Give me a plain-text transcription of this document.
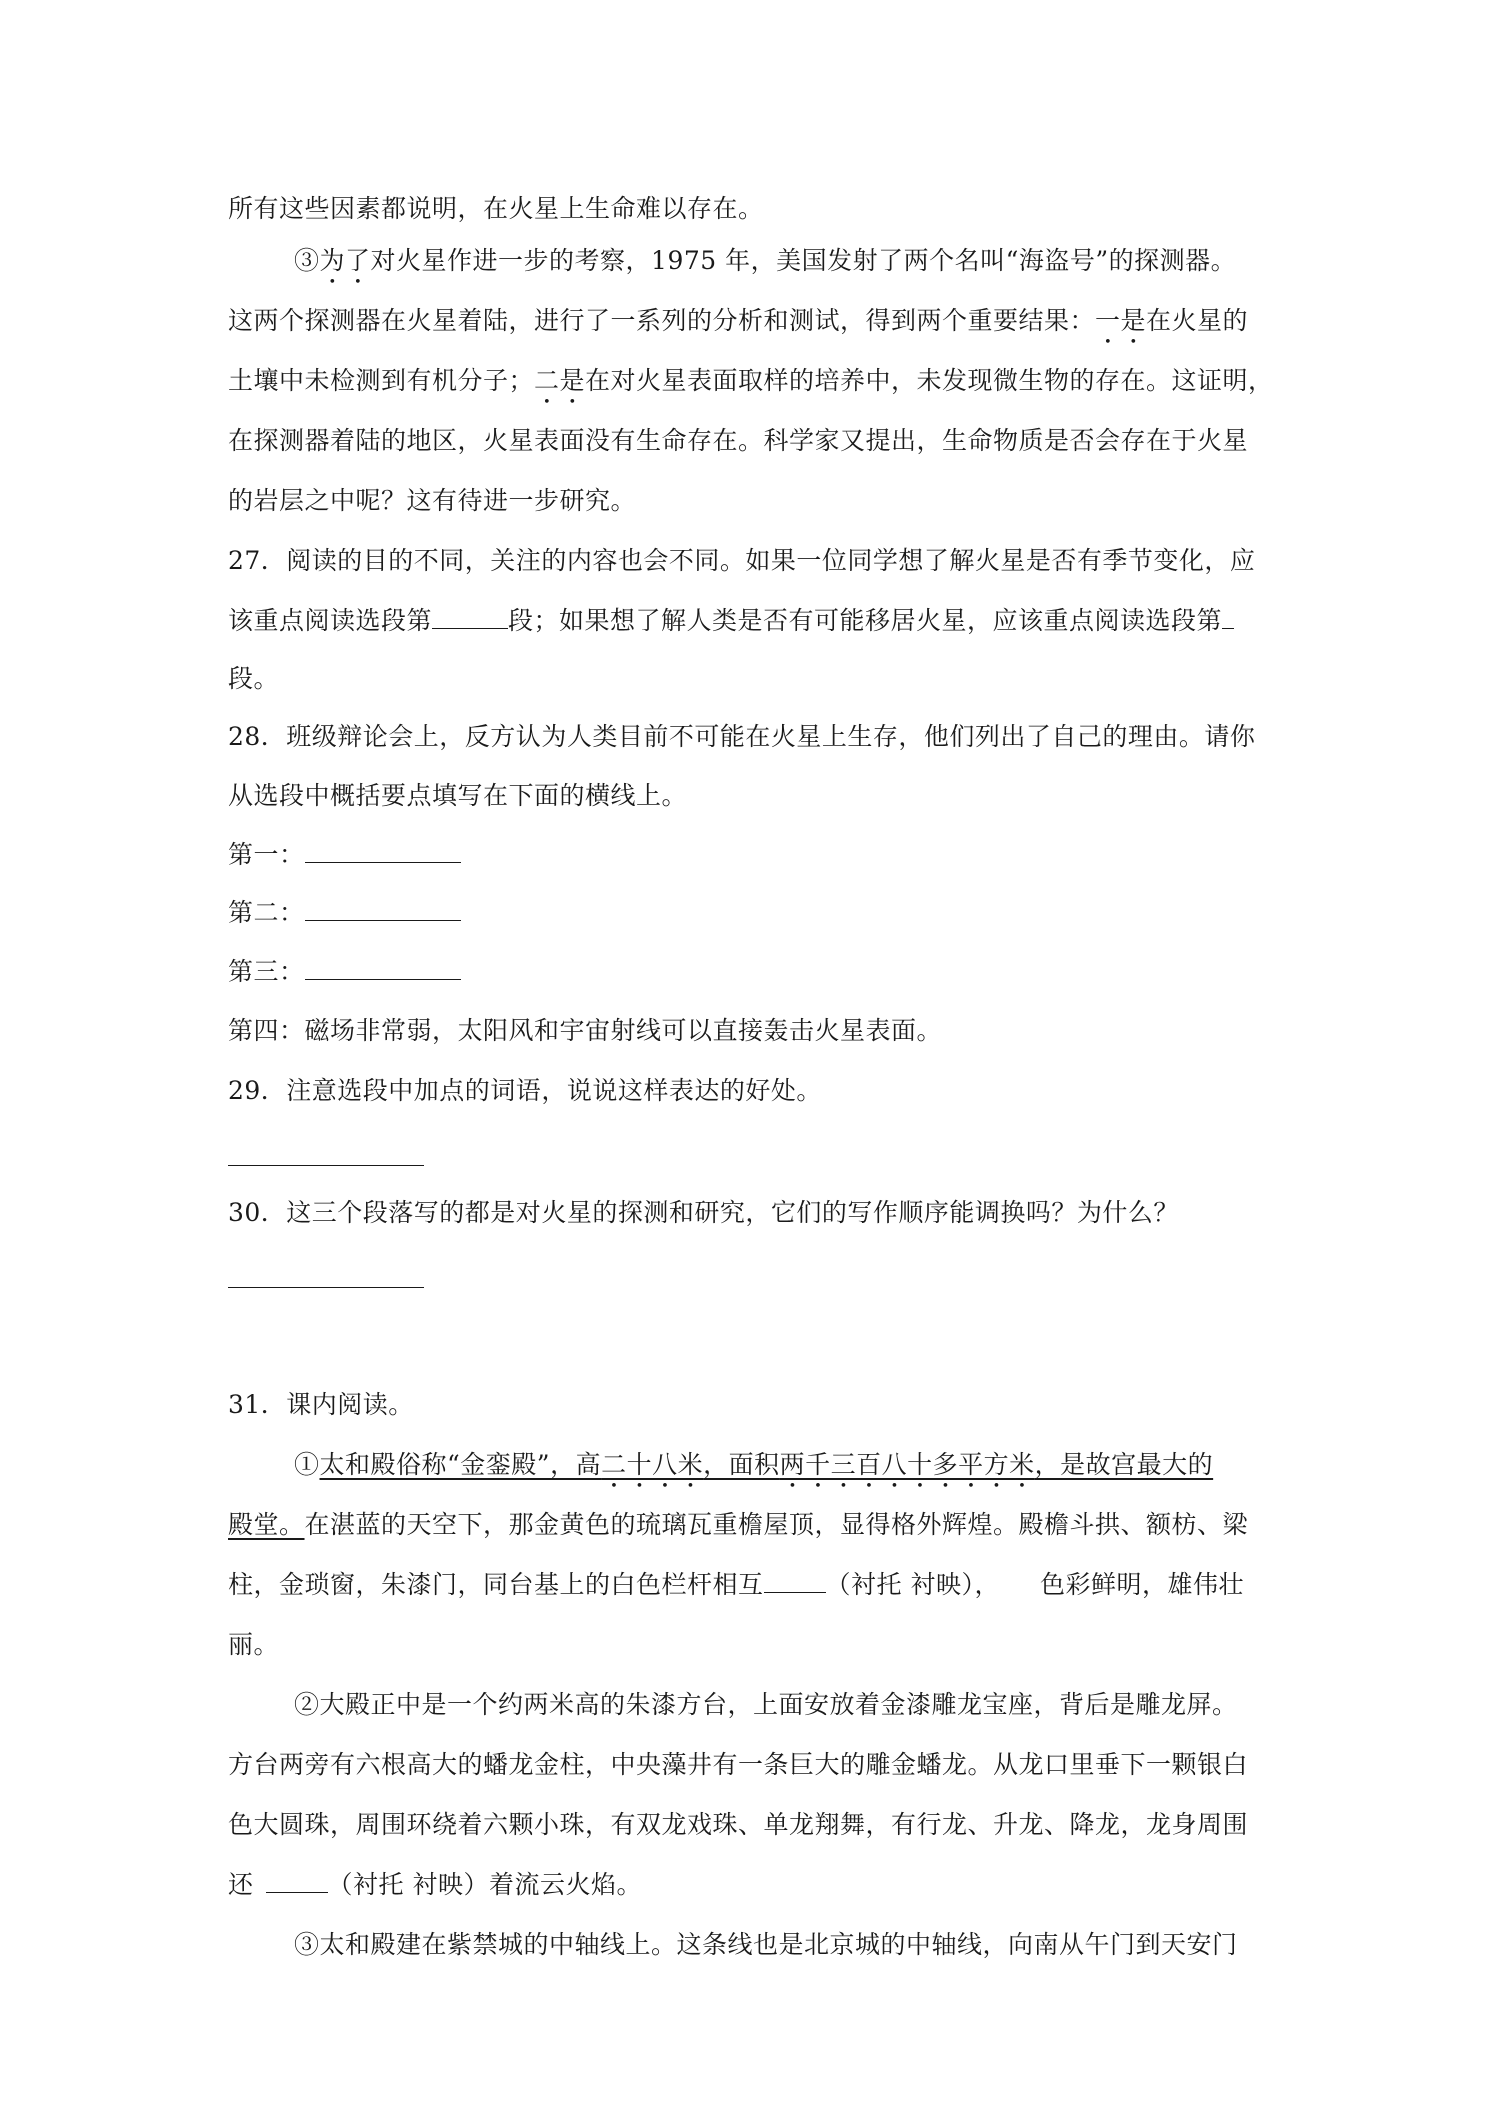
所有这些因素都说明，在火星上生命难以存在。
③为了对火星作进一步的考察，1975 年，美国发射了两个名叫“海盗号”的探测器。
这两个探测器在火星着陆，进行了一系列的分析和测试，得到两个重要结果：一是在火星的
土壤中未检测到有机分子；二是在对火星表面取样的培养中，未发现微生物的存在。这证明，
在探测器着陆的地区，火星表面没有生命存在。科学家又提出，生命物质是否会存在于火星
的岩层之中呢？这有待进一步研究。
27．阅读的目的不同，关注的内容也会不同。如果一位同学想了解火星是否有季节变化，应
该重点阅读选段第	段；如果想了解人类是否有可能移居火星，应该重点阅读选段第
段。
28．班级辩论会上，反方认为人类目前不可能在火星上生存，他们列出了自己的理由。请你
从选段中概括要点填写在下面的横线上。
第一：
第二：
第三：
第四：磁场非常弱，太阳风和宇宙射线可以直接轰击火星表面。
29．注意选段中加点的词语，说说这样表达的好处。
30．这三个段落写的都是对火星的探测和研究，它们的写作顺序能调换吗？为什么？
31．课内阅读。
①太和殿俗称“金銮殿”，高二十八米，面积两千三百八十多平方米，是故宫最大的
殿堂。在湛蓝的天空下，那金黄色的琉璃瓦重檐屋顶，显得格外辉煌。殿檐斗拱、额枋、梁
柱，金琐窗，朱漆门，同台基上的白色栏杆相互 （衬托 衬映）， 色彩鲜明，雄伟壮
丽。
②大殿正中是一个约两米高的朱漆方台，上面安放着金漆雕龙宝座，背后是雕龙屏。
方台两旁有六根高大的蟠龙金柱，中央藻井有一条巨大的雕金蟠龙。从龙口里垂下一颗银白
色大圆珠，周围环绕着六颗小珠，有双龙戏珠、单龙翔舞，有行龙、升龙、降龙，龙身周围
还	（衬托 衬映）着流云火焰。
③太和殿建在紫禁城的中轴线上。这条线也是北京城的中轴线，向南从午门到天安门
